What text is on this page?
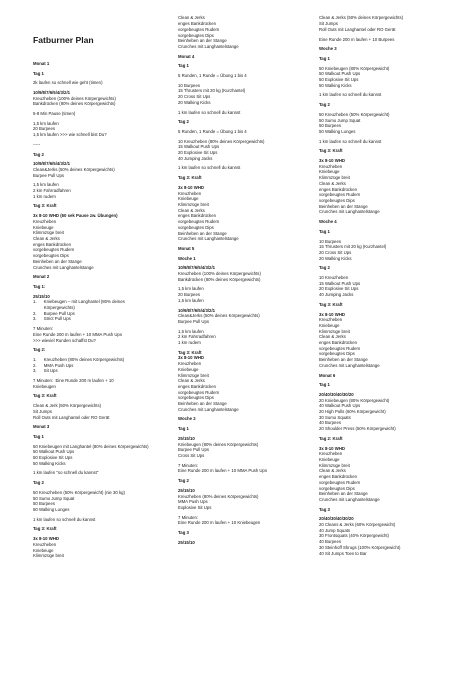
Fatburner Plan

Monat 1
Tag 1
2k laufen so schnell wie geht (timen)
10/9/8/7/6/5/4/3/2/1
Kreuzheben (100% deines Körpergewichts)
Bankdrücken (80% deines Körpergewichts)
5-8 Min Pause (timen)
1,5 km laufen
20 Burpees
1,5 km laufen >>> wie schnell bist Du?
-----
Tag 2
10/9/8/7/6/5/4/3/2/1
Clean&Jerks (50% deines Körpergewichts)
Burpee Pull Ups
1,5 km laufen
2 km Fahrradfahren
1 km rudern
Tag 3: Kraft
3x 8-10 WHD (60 sek Pause zw. Übungen)
Kreuzheben
Kniebeuge
Klimmzüge breit
Clean & Jerks
enges Bankdrücken
vorgebeugtes Rudern
vorgebeugtes Dips
Beinheben an der Stange
Crunches mit Langhantelstange
Monat 2
Tag 1:
25/15/10
1.      Kniebeugen – mit Langhantel (80% deines
Körpergewichts)
2.      Burpee Pull Ups
3.      Strict Pull Ups
7 Minuten:
Eine Runde 200 m laufen + 10 MMA Push Ups
>>> wieviel Runden schaffst Du?
Tag 2:
1.      Kreuzheben (80% deines Körpergewichts)
2.      MMA Push Ups
3.      Sit Ups
7 Minuten:  Eine Runde 200 m laufen + 10
Kniebeugen
Tag 3: Kraft
Clean & Jerk (50% Körpergewichts)
Sit Jumps
Roll Outs mit Langhantel oder RO Gerät
Monat 3
Tag 1
50 Kniebeugen mit Langhantel (80% deines Körpergewichts)
50 Walkout Push Ups
50 Explosive Sit Ups
50 Walking Kicks
1 km laufen "so schnell du kannst"
Tag 2
50 Kreuzheben (50% Körpergewicht) (nie 30 kg)
50 Sumo Jump Squat
50 Burpees
50 Walking Lunges
1 km laufen so schnell du kannst
Tag 3: Kraft
3x 8-10 WHD
Kreuzheben
Kniebeuge
Klimmzüge breit

Clean & Jerks
enges Bankdrücken
vorgebeugtes Rudern
vorgebeugtes Dips
Beinheben an der Stange
Crunches mit Langhantelstange
Monat 4
Tag 1
5 Runden, 1 Runde = Übung 1 bis 4
10 Burpees
15 Thrusters mit 20 kg (Kurzhantel)
20 Cross Sit Ups
20 Walking Kicks
1 km laufen so schnell du kannst
Tag 2
5 Runden, 1 Runde = Übung 1 bis 4
10 Kreuzheben (80% deines Körpergewichts)
15 Walkout Push Ups
20 Explosive Sit Ups
40 Jumping Jacks
1 km laufen so schnell du kannst
Tag 3: Kraft
3x 8-10 WHD
Kreuzheben
Kniebeuge
Klimmzüge breit
Clean & Jerks
enges Bankdrücken
vorgebeugtes Rudern
vorgebeugtes Dips
Beinheben an der Stange
Crunches mit Langhantelstange
Monat 5
Woche 1
10/9/8/7/6/5/4/3/2/1
Kreuzheben (100% deines Körpergewichts)
Bankdrücken (80% deines Körpergewichts)
1,5 km laufen
20 Burpees
1,5 km laufen
10/9/8/7/6/5/4/3/2/1
Clean&Jerks (50% deines Körpergewichts)
Burpee Pull Ups
1,5 km laufen
2 km Fahrradfahren
1 km rudern
Tag 3: Kraft
3x 8-10 WHD
Kreuzheben
Kniebeuge
Klimmzüge breit
Clean & Jerks
enges Bankdrücken
vorgebeugtes Rudern
vorgebeugtes Dips
Beinheben an der Stange
Crunches mit Langhantelstange
Woche 2
Tag 1
25/15/10
Kniebeugen (80% deines Körpergewichts)
Burpee Pull Ups
Cross Sit Ups
7 Minuten:
Eine Runde 200 m laufen + 10 MMA Push Ups
Tag 2
25/15/10
Kreuzheben (80% deines Körpergewichts)
MMA Push Ups
Explosive Sit Ups
7 Minuten:
Eine Runde 200 m laufen + 10 Kniebeugen
Tag 3
25/15/10

Clean & Jerks (50% deines Körpergewichts)
Sit Jumps
Roll Outs mit Langhantel oder RO Gerät
Eine Runde 200 m laufen + 10 Burpees
Woche 3
Tag 1
50 Kniebeugen (80% Körpergewicht)
50 Walkout Push Ups
50 Explosive Sit Ups
50 Walking Kicks
1 km laufen so schnell du kannst
Tag 2
50 Kreuzheben (50% Körpergewicht)
50 Sumo Jump Squat
50 Burpees
50 Walking Lunges
1 km laufen so schnell du kannst
Tag 3: Kraft
3x 8-10 WHD
Kreuzheben
Kniebeuge
Klimmzüge breit
Clean & Jerks
enges Bankdrücken
vorgebeugtes Rudern
vorgebeugtes Dips
Beinheben an der Stange
Crunches mit Langhantelstange
Woche 4
Tag 1
10 Burpees
15 Thrusters mit 20 kg (Kurzhantel)
20 Cross Sit Ups
20 Walking Kicks
Tag 2
10 Kreuzheben
15 Walkout Push Ups
20 Explosive Sit Ups
40 Jumping Jacks
Tag 3: Kraft
3x 8-10 WHD
Kreuzheben
Kniebeuge
Klimmzüge breit
Clean & Jerks
enges Bankdrücken
vorgebeugtes Rudern
vorgebeugtes Dips
Beinheben an der Stange
Crunches mit Langhantelstange
Monat 6
Tag 1
20/40/30/40/30/20
20 Kniebeugen (80% Körpergewicht)
40 Walkout Push Ups
20 High Pulls (60% Körpergewicht)
30 Sumo Squats
40 Burpees
20 Shoulder Press (50% Körpergewicht)
Tag 2: Kraft
3x 8-10 WHD
Kreuzheben
Kniebeuge
Klimmzüge breit
Clean & Jerks
enges Bankdrücken
vorgebeugtes Rudern
vorgebeugtes Dips
Beinheben an der Stange
Crunches mit Langhantelstange
Tag 3
20/40/30/40/30/20
20 Cleans & Jerks (60% Körpergewicht)
40 Jump Squats
30 Frontsquats (40% Körpergewicht)
40 Burpees
30 Steinhoff Shrugs (100% Körpergewicht)
40 Sit Jumps Toes to Bar
